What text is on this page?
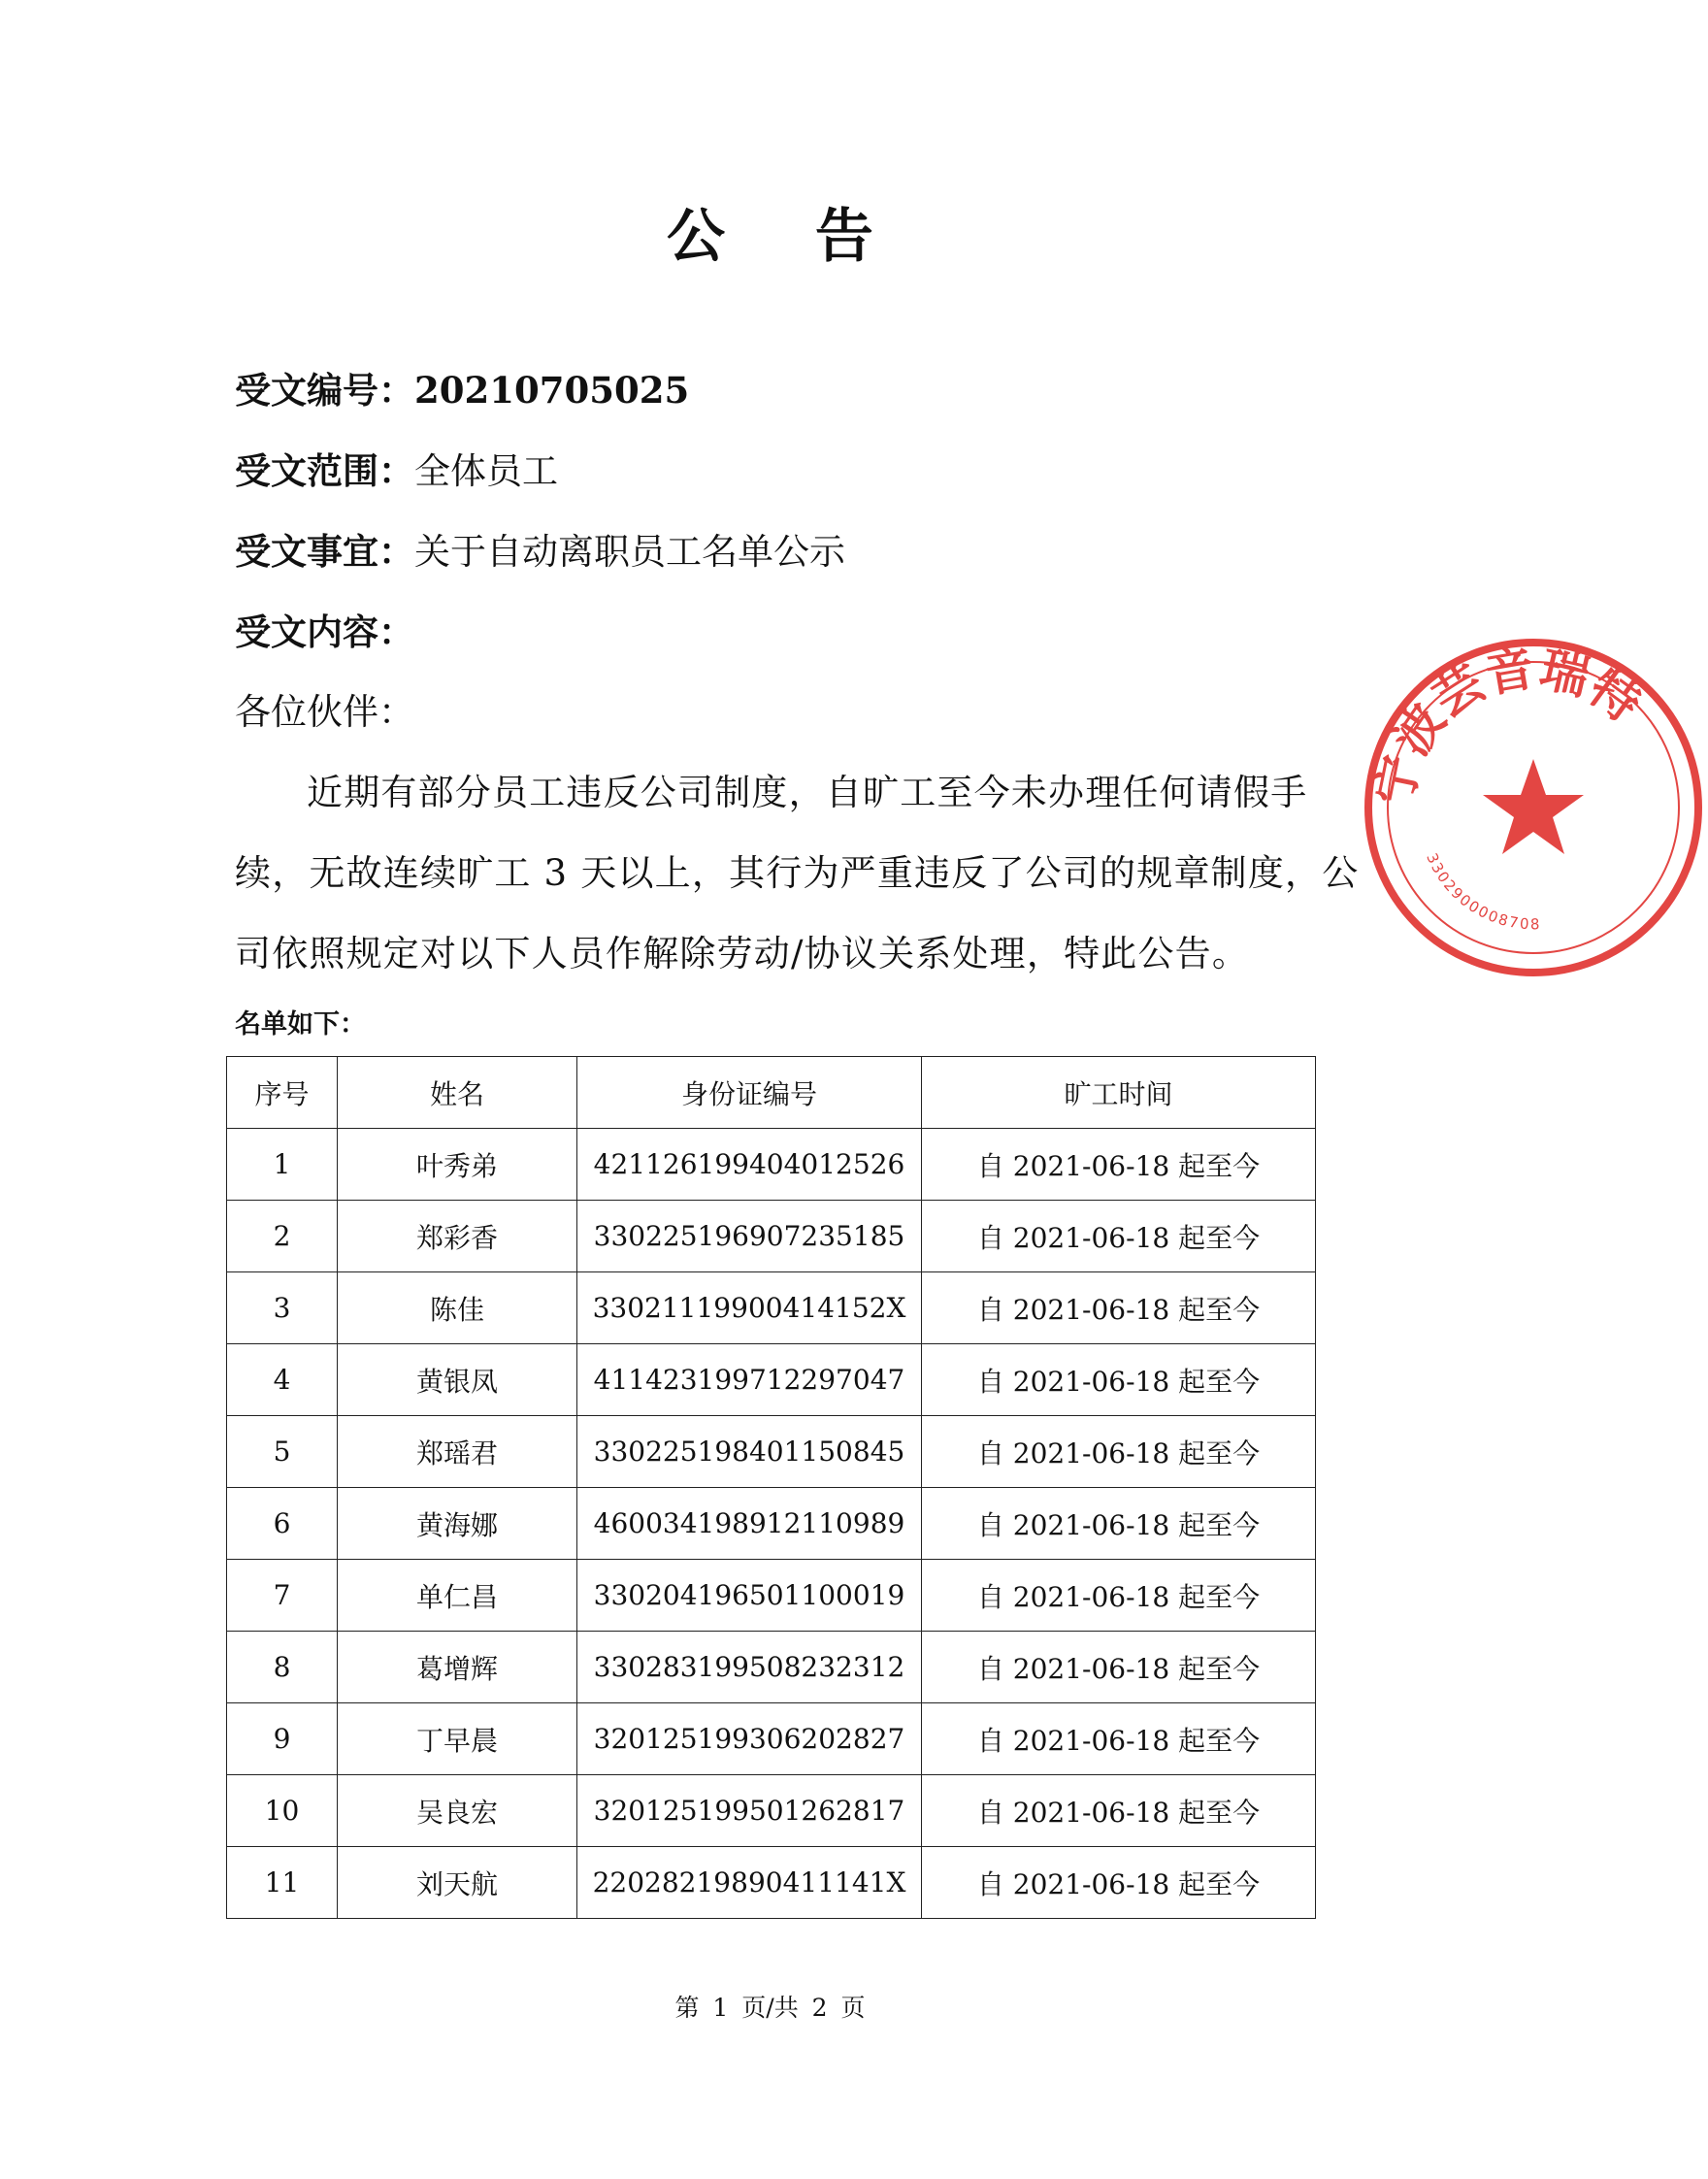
公 告
受文编号：20210705025
受文范围：全体员工
受文事宜：关于自动离职员工名单公示
受文内容：
各位伙伴：
近期有部分员工违反公司制度，自旷工至今未办理任何请假手
续，无故连续旷工 3 天以上，其行为严重违反了公司的规章制度，公
司依照规定对以下人员作解除劳动/协议关系处理，特此公告。
名单如下：
序号	姓名	身份证编号	旷工时间
1	叶秀弟	421126199404012526	自 2021-06-18 起至今
2	郑彩香	330225196907235185	自 2021-06-18 起至今
3	陈佳	33021119900414152X	自 2021-06-18 起至今
4	黄银凤	411423199712297047	自 2021-06-18 起至今
5	郑瑶君	330225198401150845	自 2021-06-18 起至今
6	黄海娜	460034198912110989	自 2021-06-18 起至今
7	单仁昌	330204196501100019	自 2021-06-18 起至今
8	葛增辉	330283199508232312	自 2021-06-18 起至今
9	丁早晨	320125199306202827	自 2021-06-18 起至今
10	吴良宏	320125199501262817	自 2021-06-18 起至今
11	刘天航	22028219890411141X	自 2021-06-18 起至今
第 1 页/共 2 页
宁波芸音瑞特
3302900008708
